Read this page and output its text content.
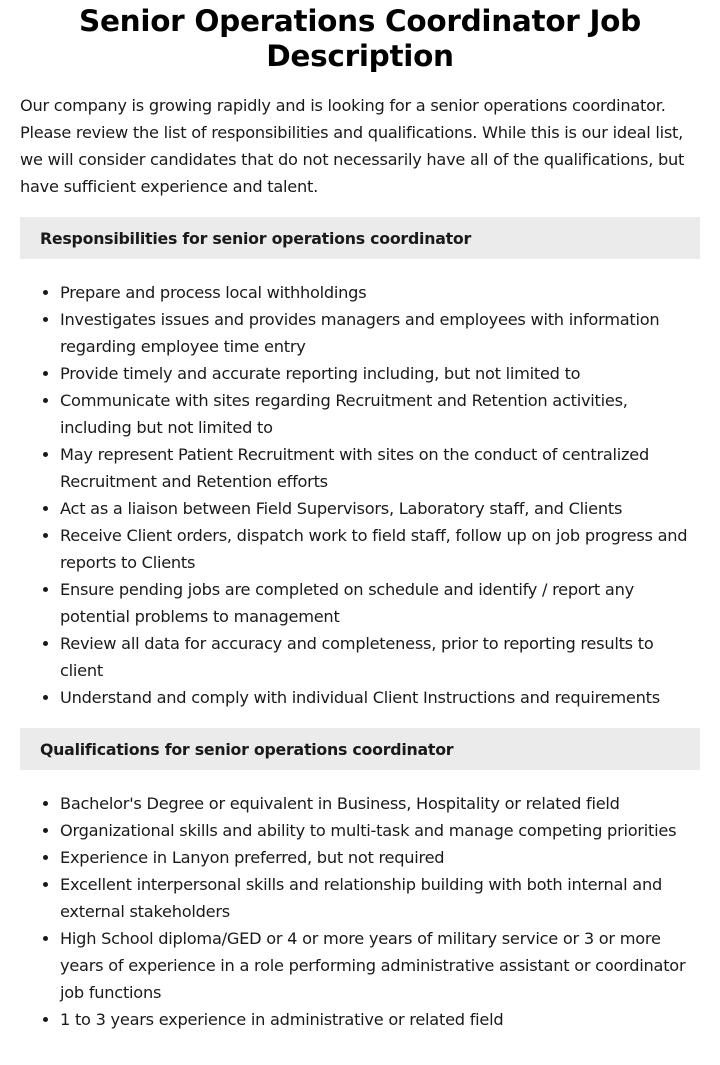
Senior Operations Coordinator Job Description

Our company is growing rapidly and is looking for a senior operations coordinator. Please review the list of responsibilities and qualifications. While this is our ideal list, we will consider candidates that do not necessarily have all of the qualifications, but have sufficient experience and talent.

Responsibilities for senior operations coordinator
Prepare and process local withholdings
Investigates issues and provides managers and employees with information regarding employee time entry
Provide timely and accurate reporting including, but not limited to
Communicate with sites regarding Recruitment and Retention activities, including but not limited to
May represent Patient Recruitment with sites on the conduct of centralized Recruitment and Retention efforts
Act as a liaison between Field Supervisors, Laboratory staff, and Clients
Receive Client orders, dispatch work to field staff, follow up on job progress and reports to Clients
Ensure pending jobs are completed on schedule and identify / report any potential problems to management
Review all data for accuracy and completeness, prior to reporting results to client
Understand and comply with individual Client Instructions and requirements
Qualifications for senior operations coordinator
Bachelor's Degree or equivalent in Business, Hospitality or related field
Organizational skills and ability to multi-task and manage competing priorities
Experience in Lanyon preferred, but not required
Excellent interpersonal skills and relationship building with both internal and external stakeholders
High School diploma/GED or 4 or more years of military service or 3 or more years of experience in a role performing administrative assistant or coordinator job functions
1 to 3 years experience in administrative or related field
